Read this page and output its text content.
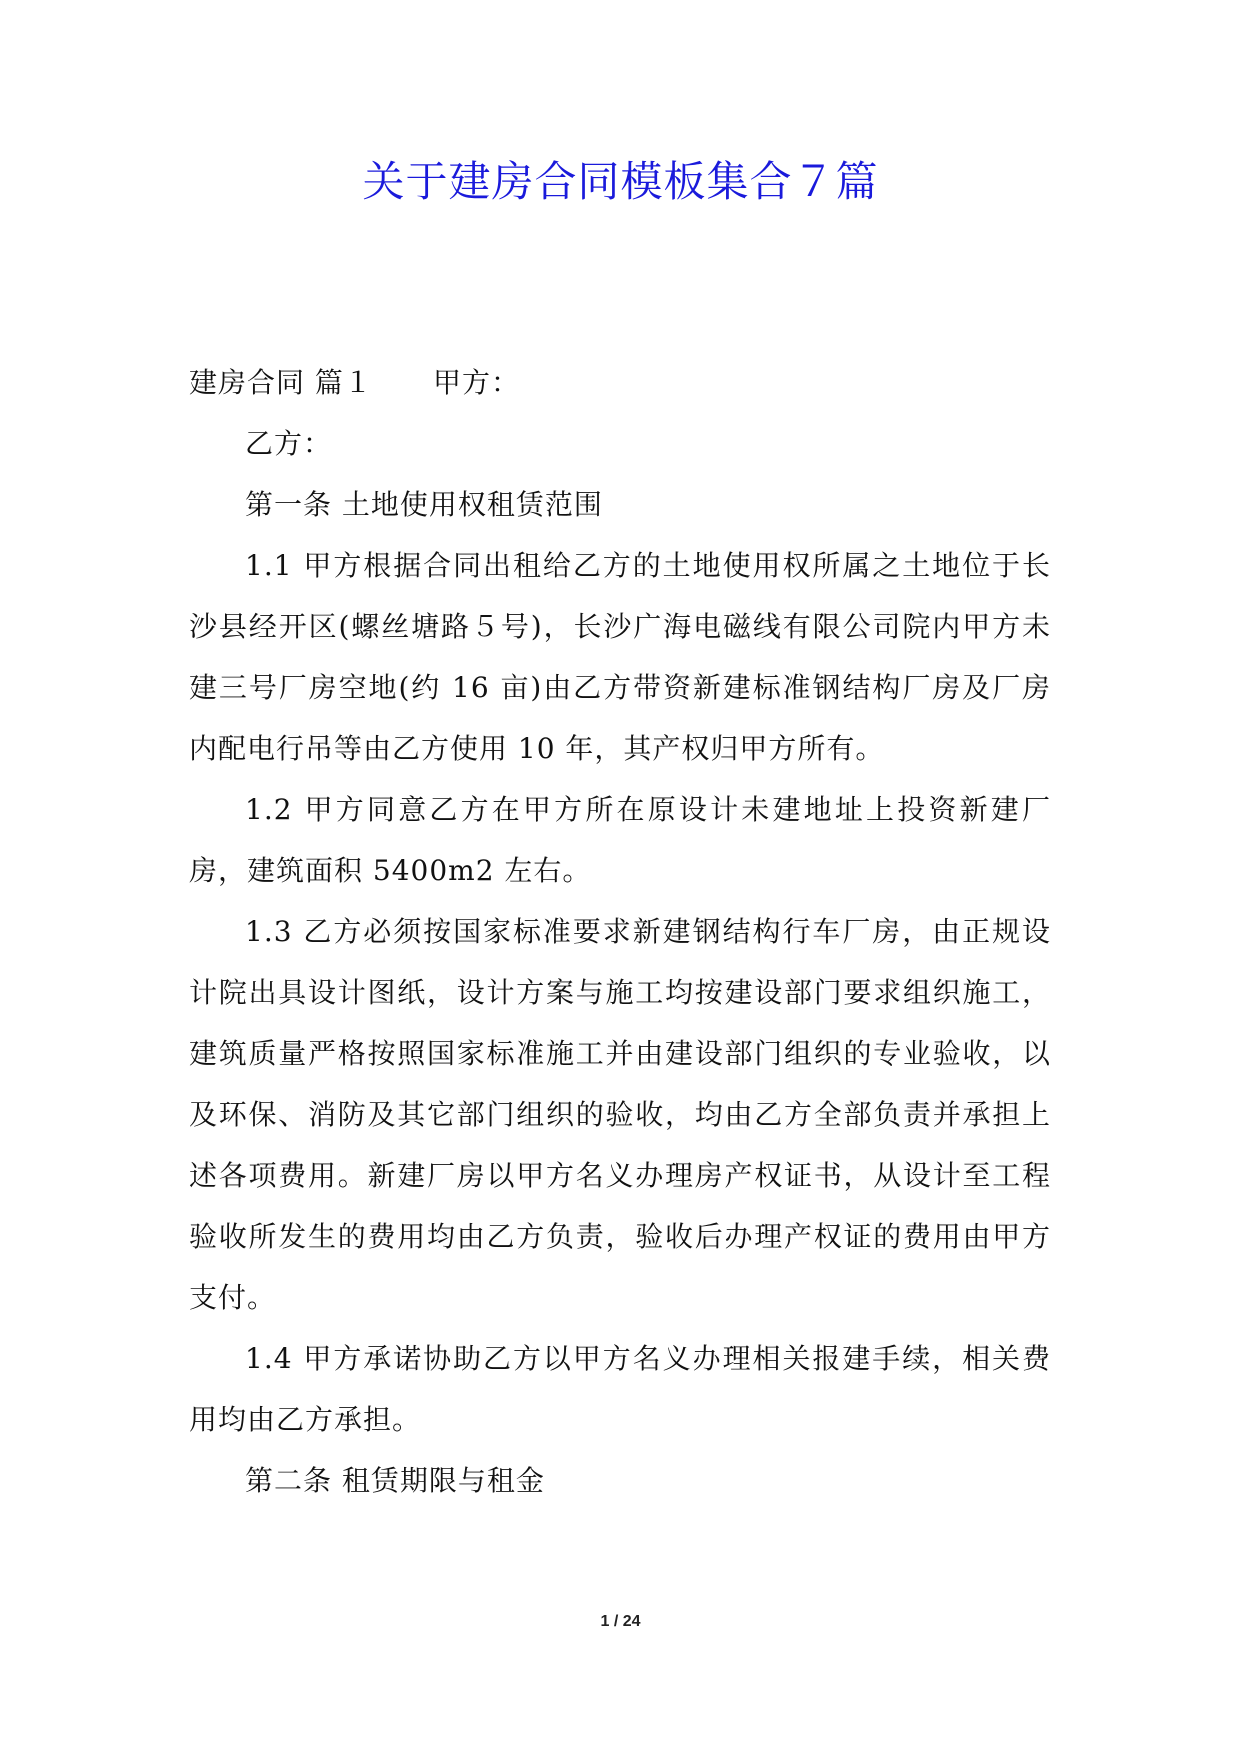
关于建房合同模板集合７篇

建房合同 篇１ 甲方：

乙方：

第一条 土地使用权租赁范围

1.1 甲方根据合同出租给乙方的土地使用权所属之土地位于长沙县经开区(螺丝塘路５号)，长沙广海电磁线有限公司院内甲方未建三号厂房空地(约 16 亩)由乙方带资新建标准钢结构厂房及厂房内配电行吊等由乙方使用 10 年，其产权归甲方所有。

1.2 甲方同意乙方在甲方所在原设计未建地址上投资新建厂房，建筑面积 5400m2 左右。

1.3 乙方必须按国家标准要求新建钢结构行车厂房，由正规设计院出具设计图纸，设计方案与施工均按建设部门要求组织施工，建筑质量严格按照国家标准施工并由建设部门组织的专业验收，以及环保、消防及其它部门组织的验收，均由乙方全部负责并承担上述各项费用。新建厂房以甲方名义办理房产权证书，从设计至工程验收所发生的费用均由乙方负责，验收后办理产权证的费用由甲方支付。

1.4 甲方承诺协助乙方以甲方名义办理相关报建手续，相关费用均由乙方承担。

第二条 租赁期限与租金

1 / 24
